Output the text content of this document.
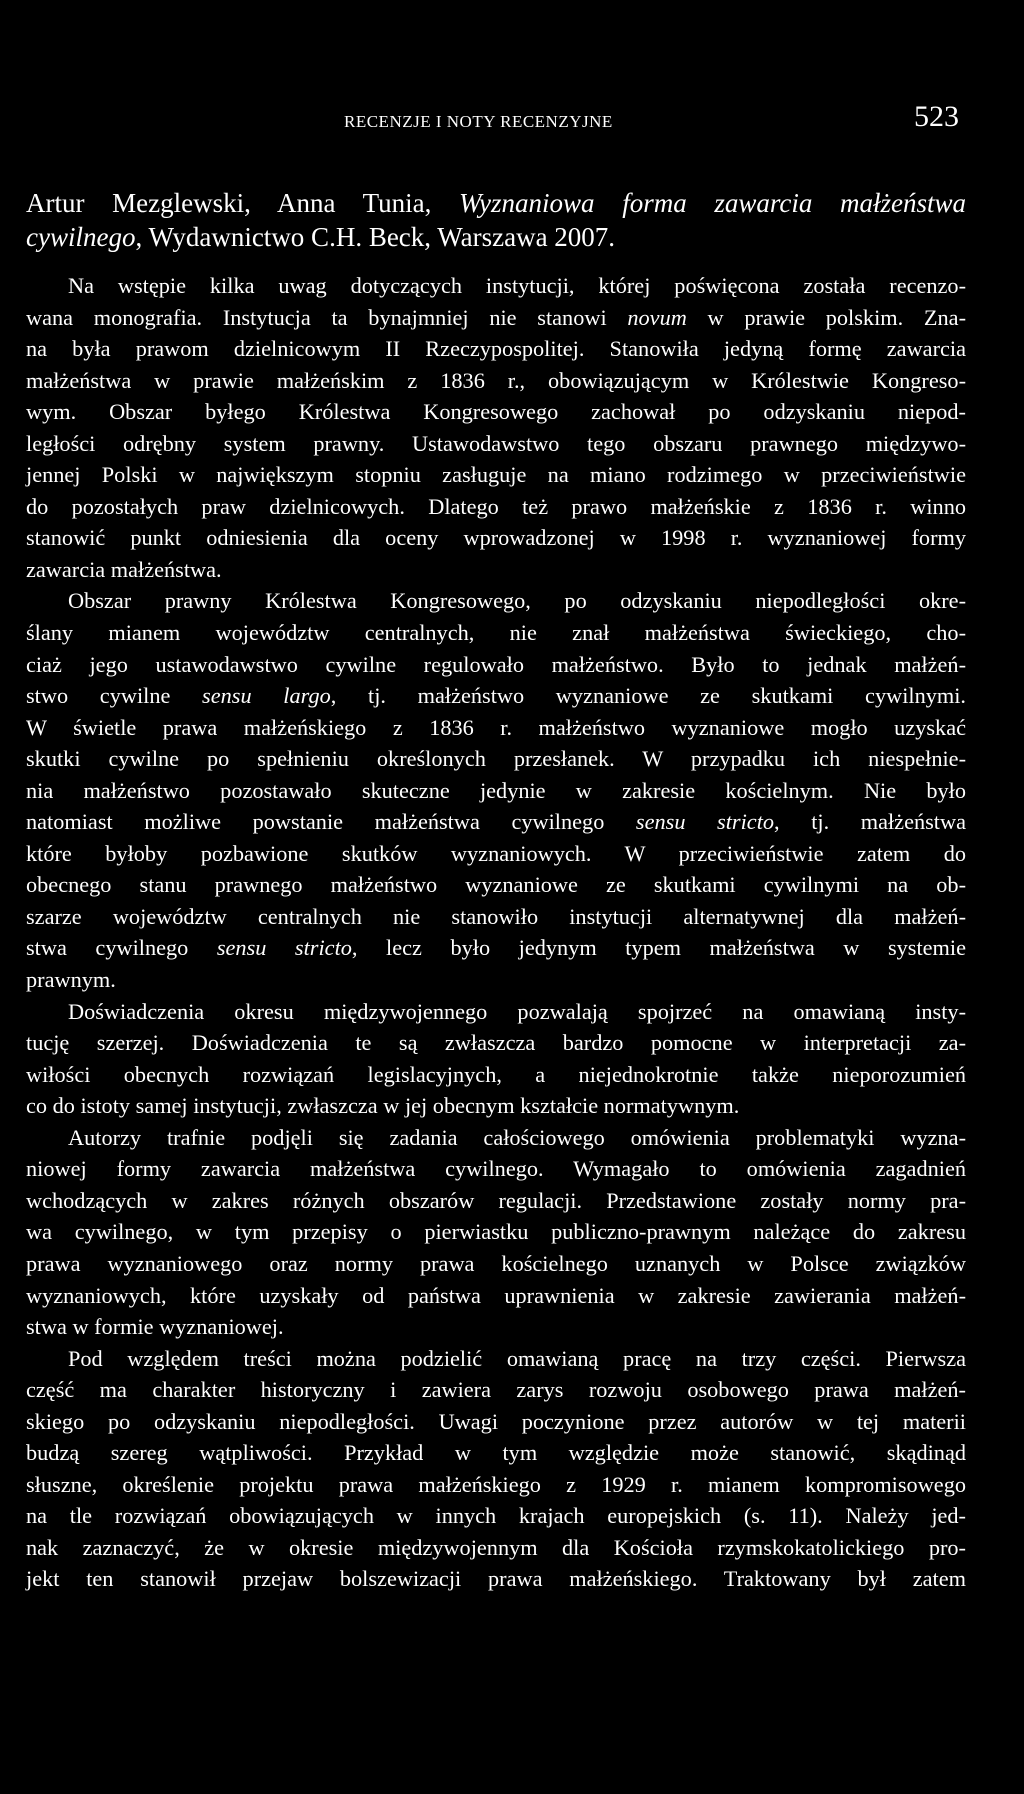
RECENZJE I NOTY RECENZYJNE	523
Artur Mezglewski, Anna Tunia, Wyznaniowa forma zawarcia małżeństwa
cywilnego, Wydawnictwo C.H. Beck, Warszawa 2007.
Na wstępie kilka uwag dotyczących instytucji, której poświęcona została recenzo-
wana monografia. Instytucja ta bynajmniej nie stanowi novum w prawie polskim. Zna-
na była prawom dzielnicowym II Rzeczypospolitej. Stanowiła jedyną formę zawarcia
małżeństwa w prawie małżeńskim z 1836 r., obowiązującym w Królestwie Kongreso-
wym. Obszar byłego Królestwa Kongresowego zachował po odzyskaniu niepod-
ległości odrębny system prawny. Ustawodawstwo tego obszaru prawnego międzywo-
jennej Polski w największym stopniu zasługuje na miano rodzimego w przeciwieństwie
do pozostałych praw dzielnicowych. Dlatego też prawo małżeńskie z 1836 r. winno
stanowić punkt odniesienia dla oceny wprowadzonej w 1998 r. wyznaniowej formy
zawarcia małżeństwa.
Obszar prawny Królestwa Kongresowego, po odzyskaniu niepodległości okre-
ślany mianem województw centralnych, nie znał małżeństwa świeckiego, cho-
ciaż jego ustawodawstwo cywilne regulowało małżeństwo. Było to jednak małżeń-
stwo cywilne sensu largo, tj. małżeństwo wyznaniowe ze skutkami cywilnymi.
W świetle prawa małżeńskiego z 1836 r. małżeństwo wyznaniowe mogło uzyskać
skutki cywilne po spełnieniu określonych przesłanek. W przypadku ich niespełnie-
nia małżeństwo pozostawało skuteczne jedynie w zakresie kościelnym. Nie było
natomiast możliwe powstanie małżeństwa cywilnego sensu stricto, tj. małżeństwa
które byłoby pozbawione skutków wyznaniowych. W przeciwieństwie zatem do
obecnego stanu prawnego małżeństwo wyznaniowe ze skutkami cywilnymi na ob-
szarze województw centralnych nie stanowiło instytucji alternatywnej dla małżeń-
stwa cywilnego sensu stricto, lecz było jedynym typem małżeństwa w systemie
prawnym.
Doświadczenia okresu międzywojennego pozwalają spojrzeć na omawianą insty-
tucję szerzej. Doświadczenia te są zwłaszcza bardzo pomocne w interpretacji za-
wiłości obecnych rozwiązań legislacyjnych, a niejednokrotnie także nieporozumień
co do istoty samej instytucji, zwłaszcza w jej obecnym kształcie normatywnym.
Autorzy trafnie podjęli się zadania całościowego omówienia problematyki wyzna-
niowej formy zawarcia małżeństwa cywilnego. Wymagało to omówienia zagadnień
wchodzących w zakres różnych obszarów regulacji. Przedstawione zostały normy pra-
wa cywilnego, w tym przepisy o pierwiastku publiczno-prawnym należące do zakresu
prawa wyznaniowego oraz normy prawa kościelnego uznanych w Polsce związków
wyznaniowych, które uzyskały od państwa uprawnienia w zakresie zawierania małżeń-
stwa w formie wyznaniowej.
Pod względem treści można podzielić omawianą pracę na trzy części. Pierwsza
część ma charakter historyczny i zawiera zarys rozwoju osobowego prawa małżeń-
skiego po odzyskaniu niepodległości. Uwagi poczynione przez autorów w tej materii
budzą szereg wątpliwości. Przykład w tym względzie może stanowić, skądinąd
słuszne, określenie projektu prawa małżeńskiego z 1929 r. mianem kompromisowego
na tle rozwiązań obowiązujących w innych krajach europejskich (s. 11). Należy jed-
nak zaznaczyć, że w okresie międzywojennym dla Kościoła rzymskokatolickiego pro-
jekt ten stanowił przejaw bolszewizacji prawa małżeńskiego. Traktowany był zatem
